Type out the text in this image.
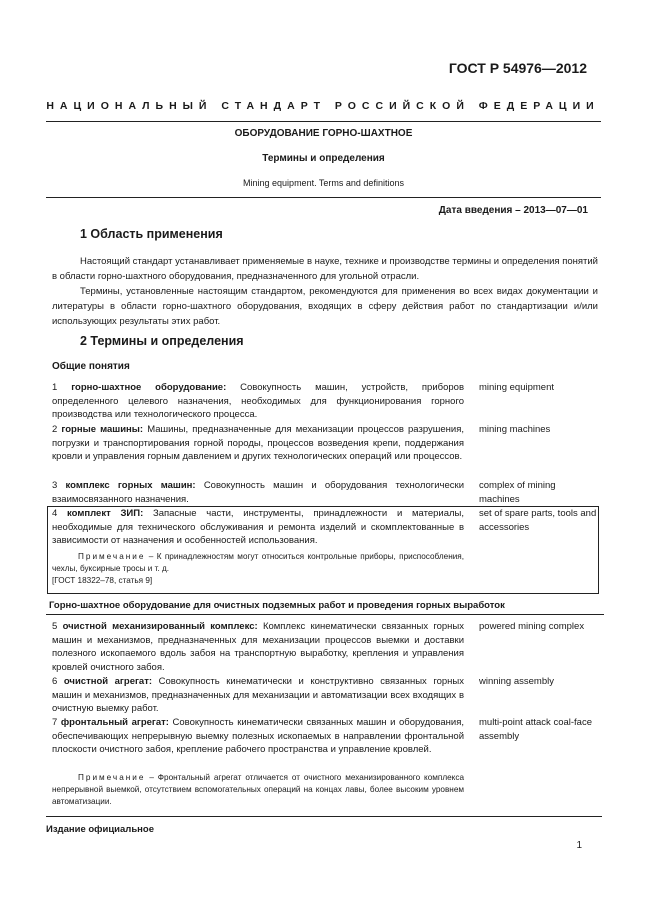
ГОСТ Р 54976—2012
НАЦИОНАЛЬНЫЙ СТАНДАРТ РОССИЙСКОЙ ФЕДЕРАЦИИ
ОБОРУДОВАНИЕ ГОРНО-ШАХТНОЕ
Термины и определения
Mining equipment. Terms and definitions
Дата введения – 2013—07—01
1 Область применения
Настоящий стандарт устанавливает применяемые в науке, технике и производстве термины и определения понятий в области горно-шахтного оборудования, предназначенного для угольной отрасли.
Термины, установленные настоящим стандартом, рекомендуются для применения во всех видах документации и литературы в области горно-шахтного оборудования, входящих в сферу действия работ по стандартизации и/или использующих результаты этих работ.
2 Термины и определения
Общие понятия
1 горно-шахтное оборудование: Совокупность машин, устройств, приборов определенного целевого назначения, необходимых для функционирования горного производства или технологического процесса.
mining equipment
2 горные машины: Машины, предназначенные для механизации процессов разрушения, погрузки и транспортирования горной породы, процессов возведения крепи, поддержания кровли и управления горным давлением и других технологических операций или процессов.
mining machines
3 комплекс горных машин: Совокупность машин и оборудования технологически взаимосвязанного назначения.
complex of mining machines
4 комплект ЗИП: Запасные части, инструменты, принадлежности и материалы, необходимые для технического обслуживания и ремонта изделий и скомплектованные в зависимости от назначения и особенностей использования.
set of spare parts, tools and accessories
Примечание – К принадлежностям могут относиться контрольные приборы, приспособления, чехлы, буксирные тросы и т. д.
[ГОСТ 18322–78, статья 9]
Горно-шахтное оборудование для очистных подземных работ и проведения горных выработок
5 очистной механизированный комплекс: Комплекс кинематически связанных горных машин и механизмов, предназначенных для механизации процессов выемки и доставки полезного ископаемого вдоль забоя на транспортную выработку, крепления и управления кровлей очистного забоя.
powered mining complex
6 очистной агрегат: Совокупность кинематически и конструктивно связанных горных машин и механизмов, предназначенных для механизации и автоматизации всех входящих в очистную выемку работ.
winning assembly
7 фронтальный агрегат: Совокупность кинематически связанных машин и оборудования, обеспечивающих непрерывную выемку полезных ископаемых в направлении фронтальной плоскости очистного забоя, крепление рабочего пространства и управление кровлей.
multi-point attack coal-face assembly
Примечание – Фронтальный агрегат отличается от очистного механизированного комплекса непрерывной выемкой, отсутствием вспомогательных операций на концах лавы, более высоким уровнем автоматизации.
Издание официальное
1
